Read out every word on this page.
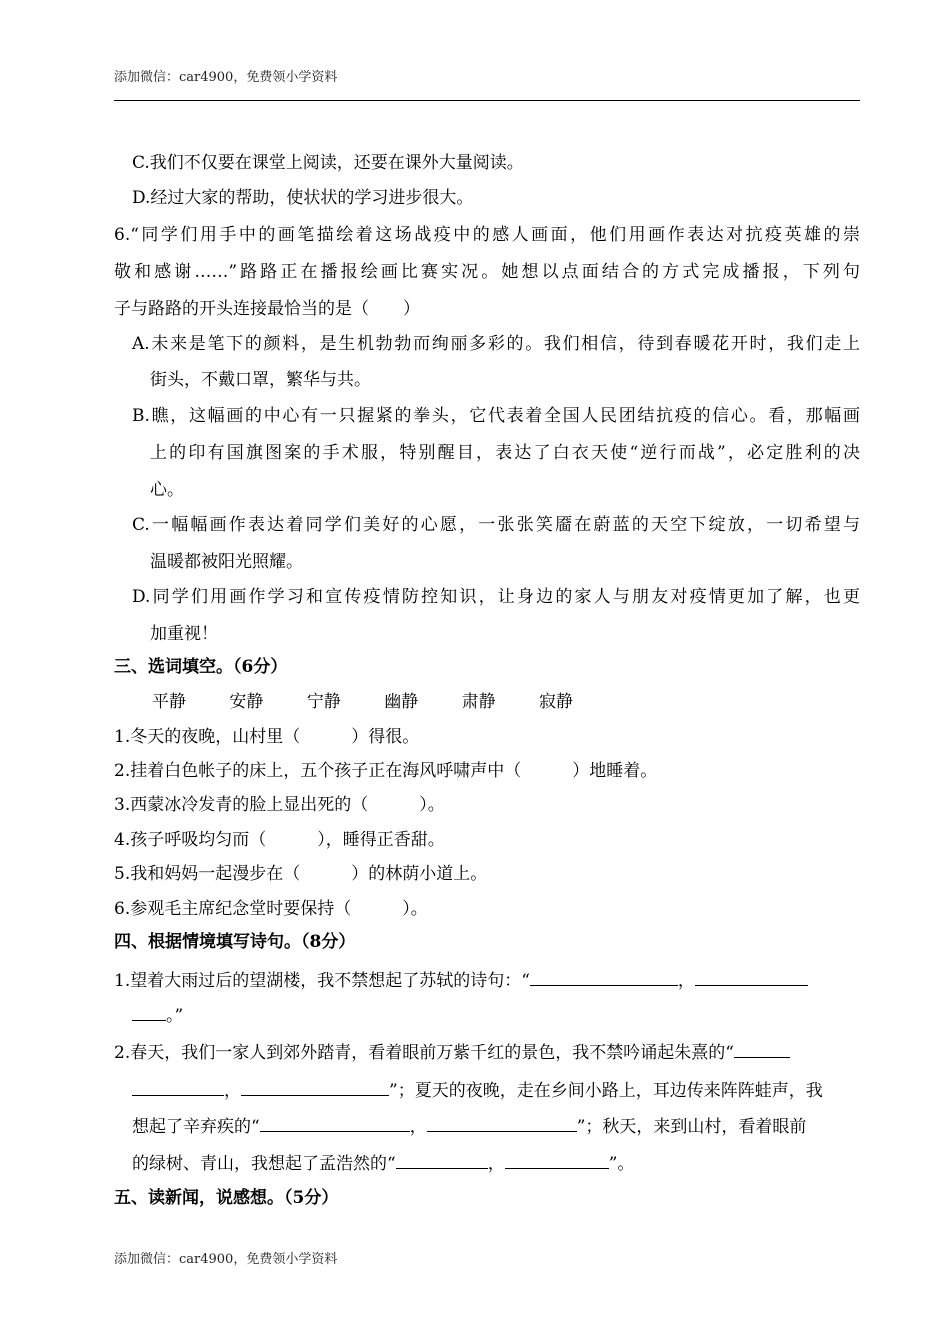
添加微信：car4900，免费领小学资料
C.我们不仅要在课堂上阅读，还要在课外大量阅读。
D.经过大家的帮助，使状状的学习进步很大。
6.“同学们用手中的画笔描绘着这场战疫中的感人画面，他们用画作表达对抗疫英雄的崇
敬和感谢……”路路正在播报绘画比赛实况。她想以点面结合的方式完成播报，下列句
子与路路的开头连接最恰当的是（　　）
A.未来是笔下的颜料，是生机勃勃而绚丽多彩的。我们相信，待到春暖花开时，我们走上
街头，不戴口罩，繁华与共。
B.瞧，这幅画的中心有一只握紧的拳头，它代表着全国人民团结抗疫的信心。看，那幅画
上的印有国旗图案的手术服，特别醒目，表达了白衣天使“逆行而战”，必定胜利的决
心。
C.一幅幅画作表达着同学们美好的心愿，一张张笑靥在蔚蓝的天空下绽放，一切希望与
温暖都被阳光照耀。
D.同学们用画作学习和宣传疫情防控知识，让身边的家人与朋友对疫情更加了解，也更
加重视！
三、选词填空。（6分）
平静	安静	宁静	幽静	肃静	寂静
1.冬天的夜晚，山村里（　　　）得很。
2.挂着白色帐子的床上，五个孩子正在海风呼啸声中（　　　）地睡着。
3.西蒙冰冷发青的脸上显出死的（　　　）。
4.孩子呼吸均匀而（　　　），睡得正香甜。
5.我和妈妈一起漫步在（　　　）的林荫小道上。
6.参观毛主席纪念堂时要保持（　　　）。
四、根据情境填写诗句。（8分）
1.望着大雨过后的望湖楼，我不禁想起了苏轼的诗句：“	，
。”
2.春天，我们一家人到郊外踏青，看着眼前万紫千红的景色，我不禁吟诵起朱熹的“
，	”；夏天的夜晚，走在乡间小路上，耳边传来阵阵蛙声，我
想起了辛弃疾的“	，	”；秋天，来到山村，看着眼前
的绿树、青山，我想起了孟浩然的“	，	”。
五、读新闻，说感想。（5分）
添加微信：car4900，免费领小学资料
